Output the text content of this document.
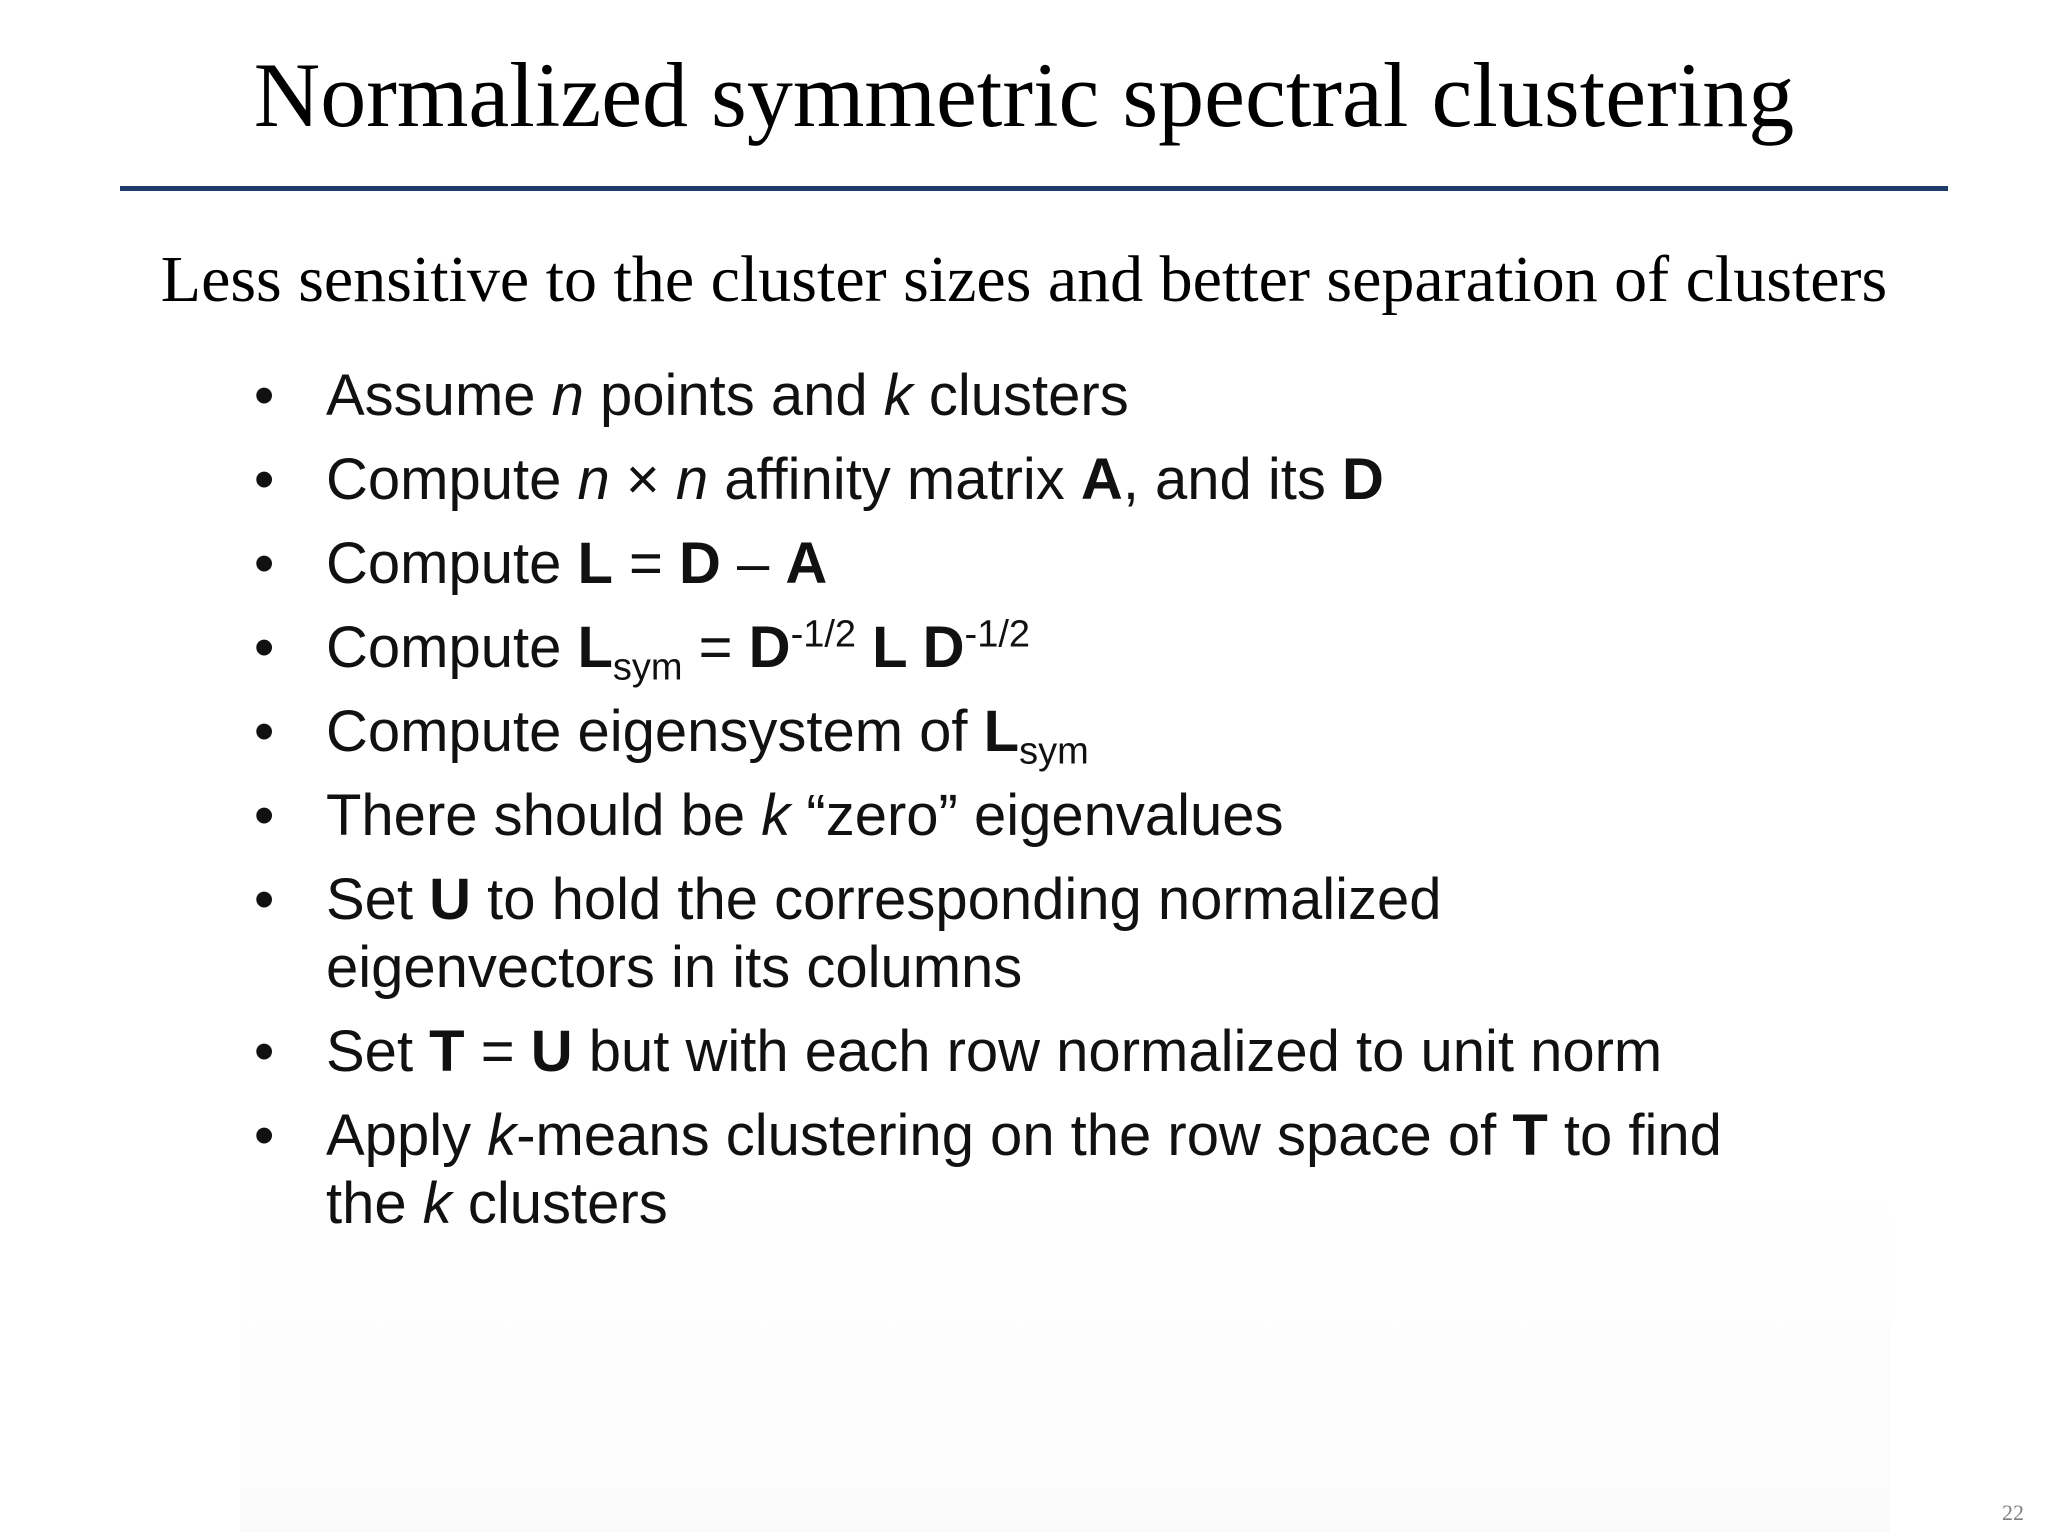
Normalized symmetric spectral clustering

Less sensitive to the cluster sizes and better separation of clusters

• Assume n points and k clusters
• Compute n × n affinity matrix A, and its D
• Compute L = D – A
• Compute $L_{sym} = D^{-1/2}$ L $D^{-1/2}$
• Compute eigensystem of $L_{sym}$
• There should be k “zero” eigenvalues
• Set U to hold the corresponding normalized
eigenvectors in its columns
• Set T = U but with each row normalized to unit norm
• Apply k-means clustering on the row space of T to find
the k clusters
22
